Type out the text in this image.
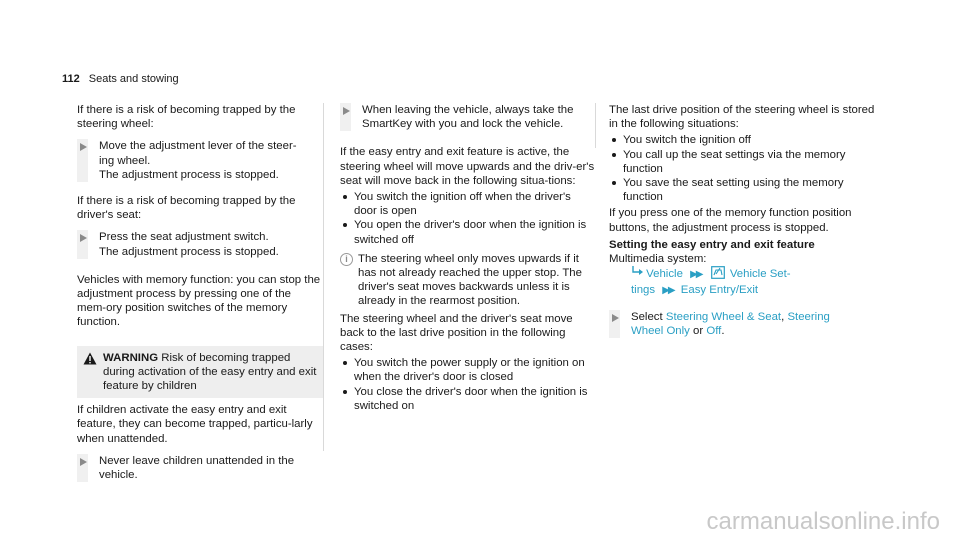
112 Seats and stowing

If there is a risk of becoming trapped by the steering wheel:

Move the adjustment lever of the steer-

ing wheel.

The adjustment process is stopped.

If there is a risk of becoming trapped by the driver's seat:

Press the seat adjustment switch.

The adjustment process is stopped.

Vehicles with memory function: you can stop the adjustment process by pressing one of the mem-ory position switches of the memory function.

WARNING Risk of becoming trapped during activation of the easy entry and exit feature by children

If children activate the easy entry and exit feature, they can become trapped, particu-larly when unattended.

Never leave children unattended in the vehicle.

When leaving the vehicle, always take the SmartKey with you and lock the vehicle.

If the easy entry and exit feature is active, the steering wheel will move upwards and the driv-er's seat will move back in the following situa-tions:

You switch the ignition off when the driver's door is open
You open the driver's door when the ignition is switched off
i The steering wheel only moves upwards if it has not already reached the upper stop. The driver's seat moves backwards unless it is already in the rearmost position.

The steering wheel and the driver's seat move back to the last drive position in the following cases:

You switch the power supply or the ignition on when the driver's door is closed
You close the driver's door when the ignition is switched on

The last drive position of the steering wheel is stored in the following situations:

You switch the ignition off
You call up the seat settings via the memory function
You save the seat setting using the memory function

If you press one of the memory function position buttons, the adjustment process is stopped.

Setting the easy entry and exit feature

Multimedia system:

Vehicle ▶▶ Vehicle Set-
tings ▶▶ Easy Entry/Exit

Select Steering Wheel & Seat, Steering
Wheel Only or Off.

carmanualsonline.info
